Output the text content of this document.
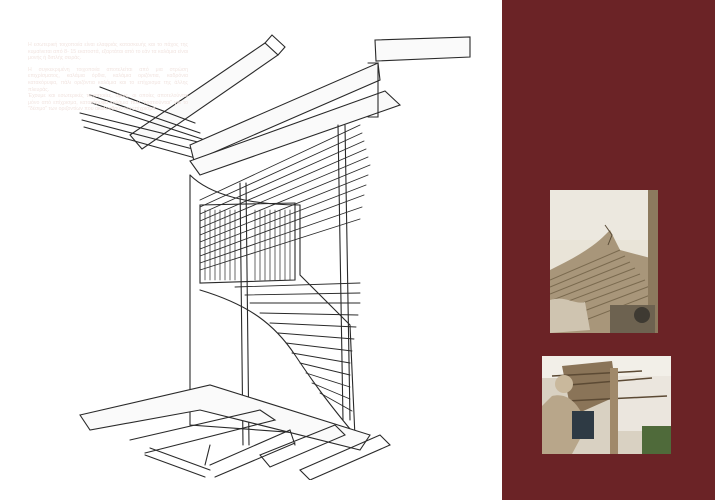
Η εσωτερική τοιχοποιία είναι ελαφριάς κατασκευής και το πάχος της κυμαίνεται από 8- 15 εκατοστά, εξαρτάται από το εάν τα καλάμια είναι μονής ή διπλής σειράς.

Η συγκεκριμένη τοιχοποιία αποτελείται από μια στρώση επιχρίσματος, καλάμια όρθια, καλάμια οριζόντια, καδρόνια κατακόρυφα, πάλι οριζόντια καλάμια και το επίχρισμα της άλλης πλευράς.

Έχουμε και εσωτερικές τοιχοποιίες, όμως, οι οποίες αποτελούνται μόνο από επίχρισμα, κατακόρυφα καλάμια που "κρατιούνται" για το "δέσιμο" των οριζοντίων που ακολουθούν και επίχρισμα.
